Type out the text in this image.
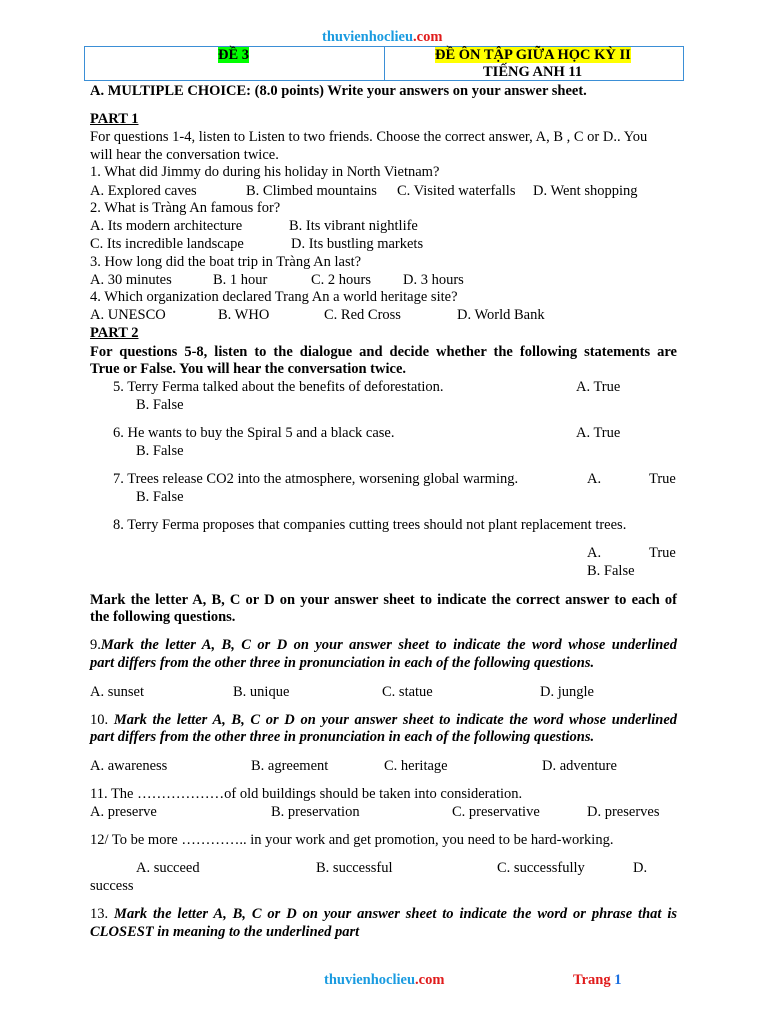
thuvienhoclieu.com
ĐỀ 3	ĐỀ ÔN TẬP GIỮA HỌC KỲ II
TIẾNG ANH 11
A. MULTIPLE CHOICE: (8.0 points) Write your answers on your answer sheet.
PART 1
For questions 1-4, listen to Listen to two friends. Choose the correct answer, A, B , C or D.. You
will hear the conversation twice.
1. What did Jimmy do during his holiday in North Vietnam?
A. Explored caves	B. Climbed mountains C. Visited waterfalls D. Went shopping
2. What is Tràng An famous for?
A. Its modern architecture	B. Its vibrant nightlife
C. Its incredible landscape	D. Its bustling markets
3. How long did the boat trip in Tràng An last?
A. 30 minutes	B. 1 hour	C. 2 hours D. 3 hours
4. Which organization declared Trang An a world heritage site?
A. UNESCO	B. WHO	C. Red Cross	D. World Bank
PART 2
For questions 5-8, listen to the dialogue and decide whether the following statements are
True or False. You will hear the conversation twice.
5. Terry Ferma talked about the benefits of deforestation.	A. True
B. False
6. He wants to buy the Spiral 5 and a black case.	A. True
B. False
7. Trees release CO2 into the atmosphere, worsening global warming.	A.	True
B. False
8. Terry Ferma proposes that companies cutting trees should not plant replacement trees.
A.	True
B. False
Mark the letter A, B, C or D on your answer sheet to indicate the correct answer to each of
the following questions.
9.Mark the letter A, B, C or D on your answer sheet to indicate the word whose underlined
part differs from the other three in pronunciation in each of the following questions.
A. sunset	B. unique	C. statue	D. jungle
10. Mark the letter A, B, C or D on your answer sheet to indicate the word whose underlined
part differs from the other three in pronunciation in each of the following questions.
A. awareness	B. agreement	C. heritage	D. adventure
11. The ………………of old buildings should be taken into consideration.
A. preserve	B. preservation	C. preservative	D. preserves
12/ To be more ………….. in your work and get promotion, you need to be hard-working.
A. succeed	B. successful	C. successfully	D.
success
13. Mark the letter A, B, C or D on your answer sheet to indicate the word or phrase that is
CLOSEST in meaning to the underlined part
thuvienhoclieu.com	Trang 1
